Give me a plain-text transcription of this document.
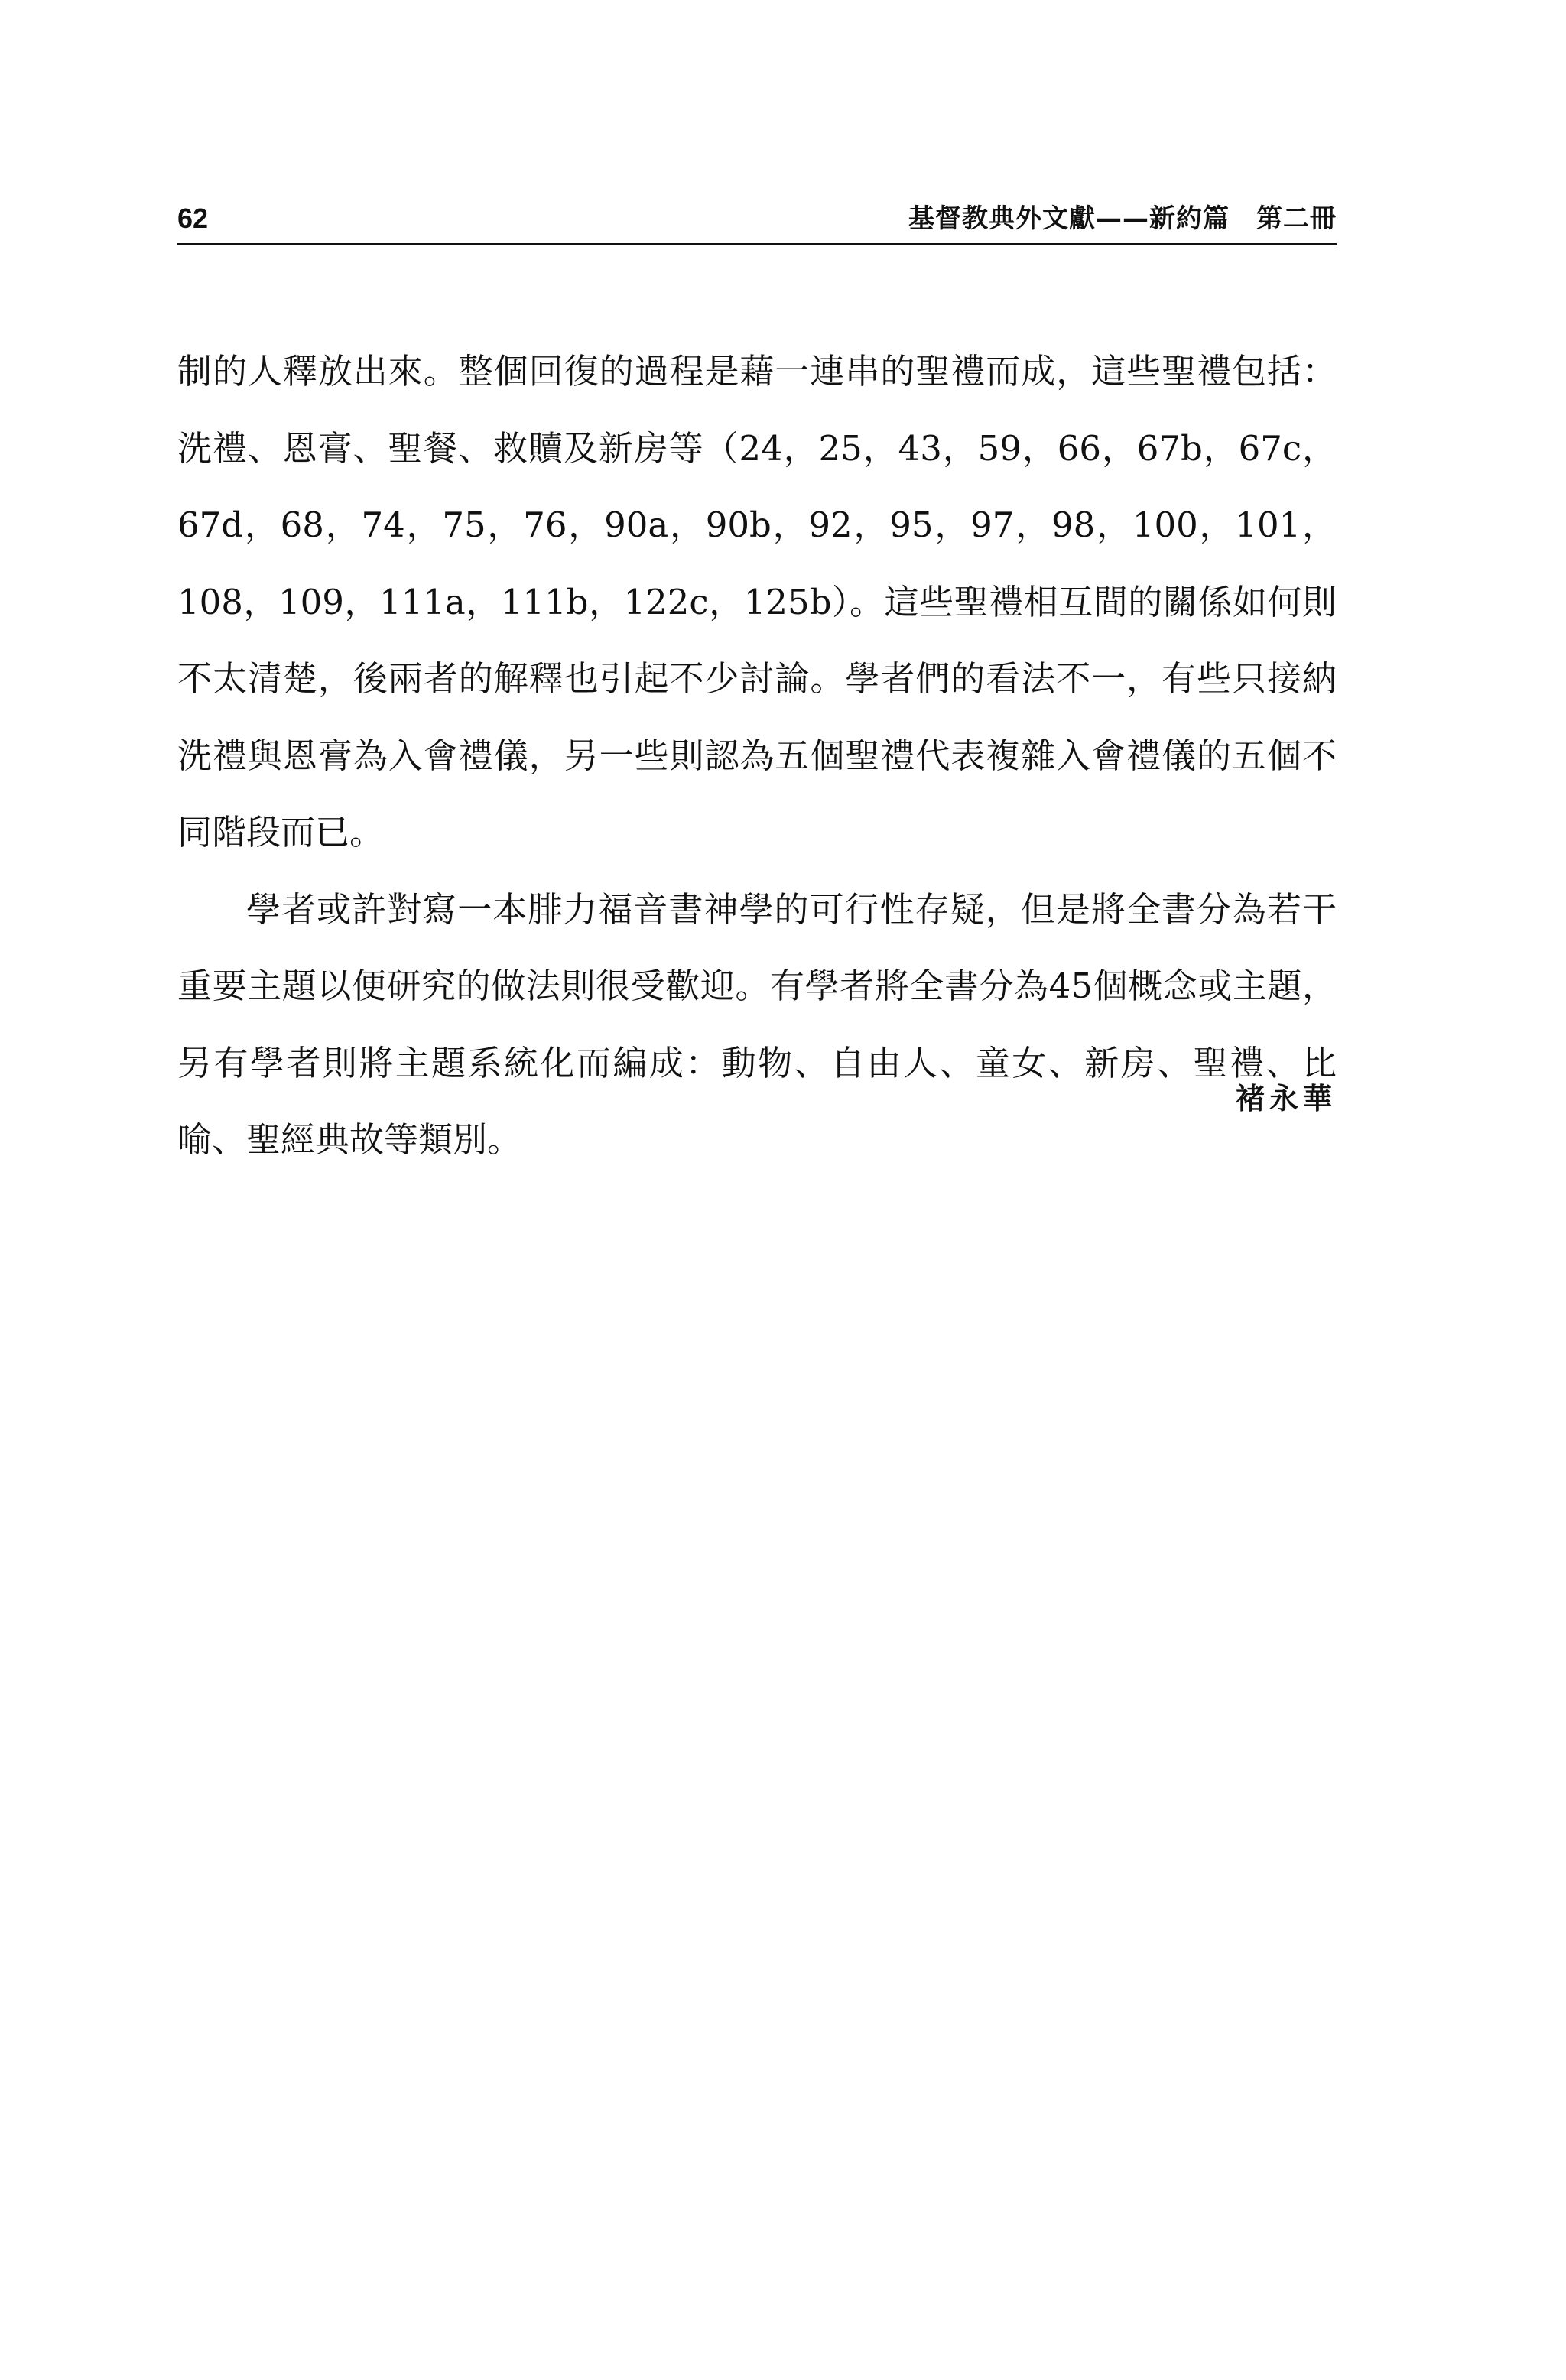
62	基督教典外文獻——新約篇　第二冊

制的人釋放出來。整個回復的過程是藉一連串的聖禮而成，這些聖禮包括：洗禮、恩膏、聖餐、救贖及新房等（24，25，43，59，66，67b，67c，67d，68，74，75，76，90a，90b，92，95，97，98，100，101，108，109，111a，111b，122c，125b）。這些聖禮相互間的關係如何則不太清楚，後兩者的解釋也引起不少討論。學者們的看法不一，有些只接納洗禮與恩膏為入會禮儀，另一些則認為五個聖禮代表複雜入會禮儀的五個不同階段而已。

學者或許對寫一本腓力福音書神學的可行性存疑，但是將全書分為若干重要主題以便研究的做法則很受歡迎。有學者將全書分為45個概念或主題，另有學者則將主題系統化而編成：動物、自由人、童女、新房、聖禮、比喻、聖經典故等類別。

褚永華
